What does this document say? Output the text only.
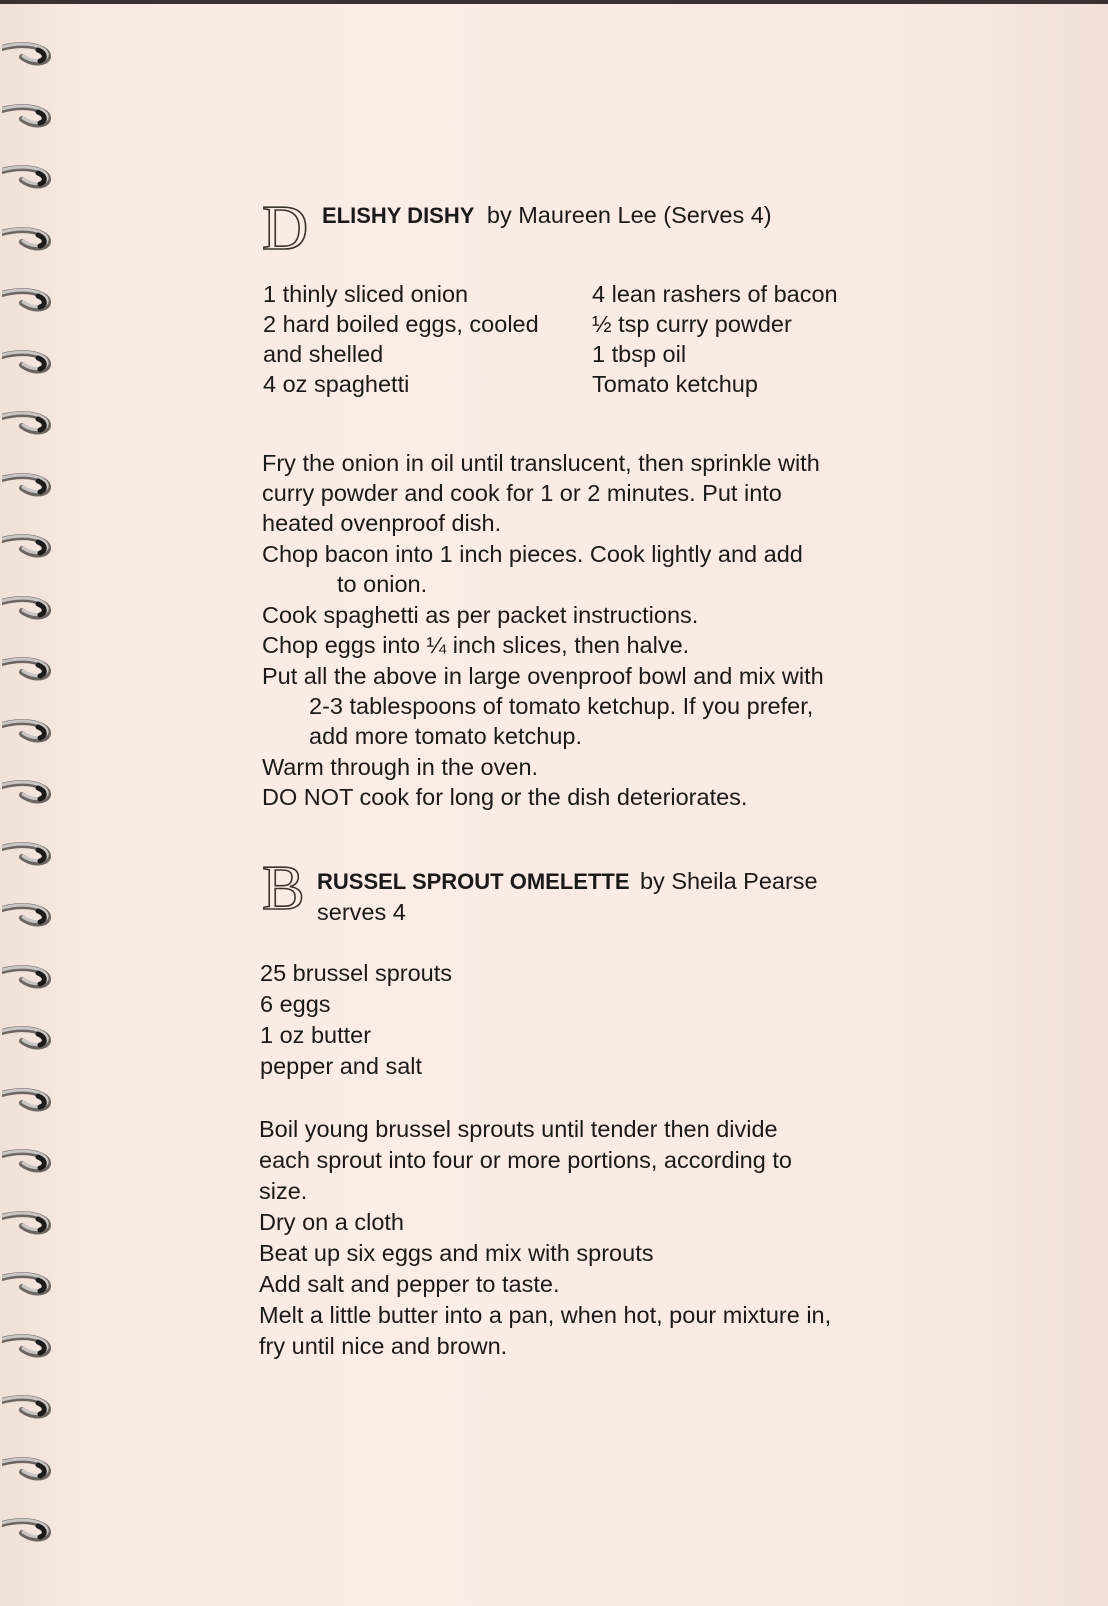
D ELISHY DISHY by Maureen Lee (Serves 4)
1 thinly sliced onion
2 hard boiled eggs, cooled
and shelled
4 oz spaghetti
4 lean rashers of bacon
½ tsp curry powder
1 tbsp oil
Tomato ketchup
Fry the onion in oil until translucent, then sprinkle with
curry powder and cook for 1 or 2 minutes. Put into
heated ovenproof dish.
Chop bacon into 1 inch pieces. Cook lightly and add
to onion.
Cook spaghetti as per packet instructions.
Chop eggs into ¼ inch slices, then halve.
Put all the above in large ovenproof bowl and mix with
2-3 tablespoons of tomato ketchup. If you prefer,
add more tomato ketchup.
Warm through in the oven.
DO NOT cook for long or the dish deteriorates.
B RUSSEL SPROUT OMELETTE by Sheila Pearse
serves 4
25 brussel sprouts
6 eggs
1 oz butter
pepper and salt
Boil young brussel sprouts until tender then divide
each sprout into four or more portions, according to
size.
Dry on a cloth
Beat up six eggs and mix with sprouts
Add salt and pepper to taste.
Melt a little butter into a pan, when hot, pour mixture in,
fry until nice and brown.
